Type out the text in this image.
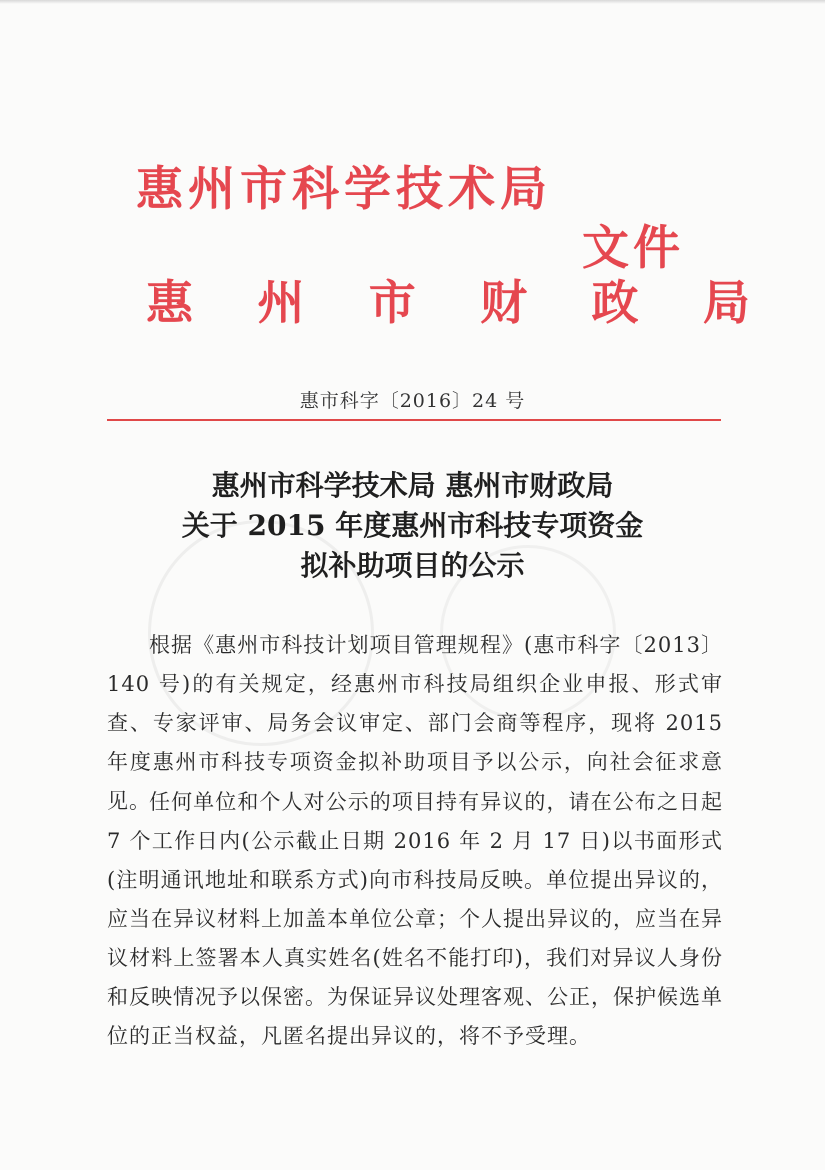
惠州市科学技术局
文件
惠 州 市 财 政 局
惠市科字〔2016〕24 号
惠州市科学技术局 惠州市财政局
关于 2015 年度惠州市科技专项资金
拟补助项目的公示

根据《惠州市科技计划项目管理规程》(惠市科字〔2013〕140 号)的有关规定，经惠州市科技局组织企业申报、形式审查、专家评审、局务会议审定、部门会商等程序，现将 2015 年度惠州市科技专项资金拟补助项目予以公示，向社会征求意见。

任何单位和个人对公示的项目持有异议的，请在公布之日起 7 个工作日内(公示截止日期 2016 年 2 月 17 日)以书面形式(注明通讯地址和联系方式)向市科技局反映。单位提出异议的，应当在异议材料上加盖本单位公章；个人提出异议的，应当在异议材料上签署本人真实姓名(姓名不能打印)，我们对异议人身份和反映情况予以保密。为保证异议处理客观、公正，保护候选单位的正当权益，凡匿名提出异议的，将不予受理。
